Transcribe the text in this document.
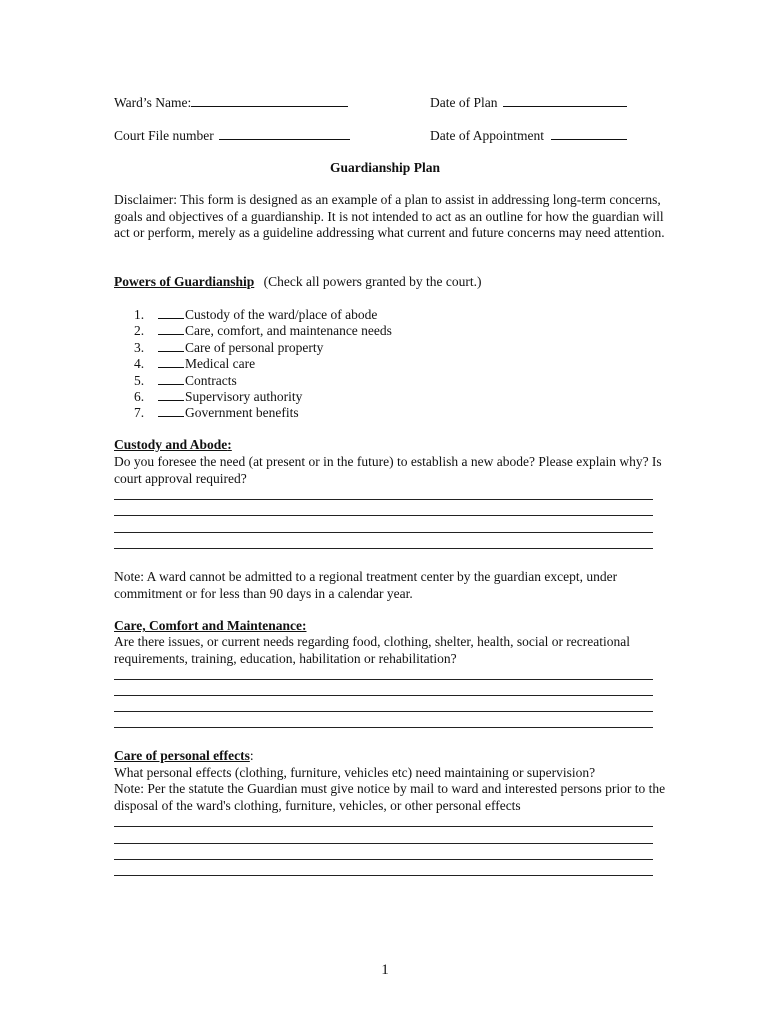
Ward’s Name:	Date of Plan
Court File number	Date of Appointment
Guardianship Plan
Disclaimer: This form is designed as an example of a plan to assist in addressing long-term concerns, goals and objectives of a guardianship. It is not intended to act as an outline for how the guardian will act or perform, merely as a guideline addressing what current and future concerns may need attention.
Powers of Guardianship (Check all powers granted by the court.)
1.	Custody of the ward/place of abode
2.	Care, comfort, and maintenance needs
3.	Care of personal property
4.	Medical care
5.	Contracts
6.	Supervisory authority
7.	Government benefits
Custody and Abode:
Do you foresee the need (at present or in the future) to establish a new abode? Please explain why? Is court approval required?
Note: A ward cannot be admitted to a regional treatment center by the guardian except, under commitment or for less than 90 days in a calendar year.
Care, Comfort and Maintenance:
Are there issues, or current needs regarding food, clothing, shelter, health, social or recreational requirements, training, education, habilitation or rehabilitation?
Care of personal effects:
What personal effects (clothing, furniture, vehicles etc) need maintaining or supervision?
Note: Per the statute the Guardian must give notice by mail to ward and interested persons prior to the disposal of the ward's clothing, furniture, vehicles, or other personal effects
1
